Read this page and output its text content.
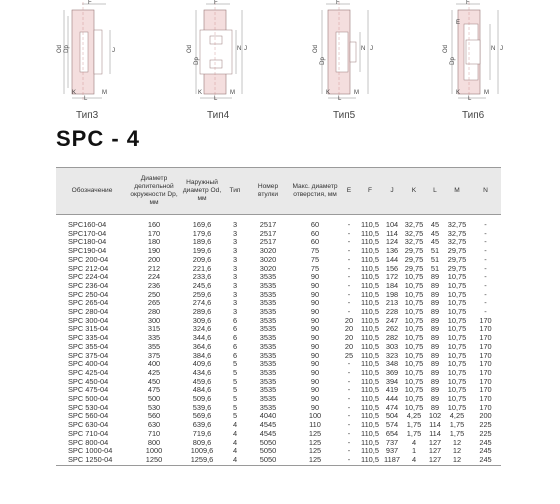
F
Od Dp	J
K
L
M
Тип3
F
Od
Dp
N J
K
L
M
Тип4
F
Od
Dp
N J
K
L
M
Тип5
F
E
Od
Dp
N J
K
L
M
Тип6
SPC - 4
Обозначение	Диаметр делительной окружности Dp, мм	Наружный диаметр Od, мм	Тип	Номер втулки	Макс. диаметр отверстия, мм	E	F	J	K	L	M	N

SPC160-04	160	169,6	3	2517	60	-	110,5	104	32,75	45	32,75	-
SPC170-04	170	179,6	3	2517	60	-	110,5	114	32,75	45	32,75	-
SPC180-04	180	189,6	3	2517	60	-	110,5	124	32,75	45	32,75	-
SPC190-04	190	199,6	3	3020	75	-	110,5	136	29,75	51	29,75	-
SPC 200-04	200	209,6	3	3020	75	-	110,5	144	29,75	51	29,75	-
SPC 212-04	212	221,6	3	3020	75	-	110,5	156	29,75	51	29,75	-
SPC 224-04	224	233,6	3	3535	90	-	110,5	172	10,75	89	10,75	-
SPC 236-04	236	245,6	3	3535	90	-	110,5	184	10,75	89	10,75	-
SPC 250-04	250	259,6	3	3535	90	-	110,5	198	10,75	89	10,75	-
SPC 265-04	265	274,6	3	3535	90	-	110,5	213	10,75	89	10,75	-
SPC 280-04	280	289,6	3	3535	90	-	110,5	228	10,75	89	10,75	-
SPC 300-04	300	309,6	6	3535	90	20	110,5	247	10,75	89	10,75	170
SPC 315-04	315	324,6	6	3535	90	20	110,5	262	10,75	89	10,75	170
SPC 335-04	335	344,6	6	3535	90	20	110,5	282	10,75	89	10,75	170
SPC 355-04	355	364,6	6	3535	90	20	110,5	303	10,75	89	10,75	170
SPC 375-04	375	384,6	6	3535	90	25	110,5	323	10,75	89	10,75	170
SPC 400-04	400	409,6	5	3535	90	-	110,5	348	10,75	89	10,75	170
SPC 425-04	425	434,6	5	3535	90	-	110,5	369	10,75	89	10,75	170
SPC 450-04	450	459,6	5	3535	90	-	110,5	394	10,75	89	10,75	170
SPC 475-04	475	484,6	5	3535	90	-	110,5	419	10,75	89	10,75	170
SPC 500-04	500	509,6	5	3535	90	-	110,5	444	10,75	89	10,75	170
SPC 530-04	530	539,6	5	3535	90	-	110,5	474	10,75	89	10,75	170
SPC 560-04	560	569,6	5	4040	100	-	110,5	504	4,25	102	4,25	200
SPC 630-04	630	639,6	4	4545	110	-	110,5	574	1,75	114	1,75	225
SPC 710-04	710	719,6	4	4545	125	-	110,5	654	1,75	114	1,75	225
SPC 800-04	800	809,6	4	5050	125	-	110,5	737	4	127	12	245
SPC 1000-04	1000	1009,6	4	5050	125	-	110,5	937	1	127	12	245
SPC 1250-04	1250	1259,6	4	5050	125	-	110,5	1187	4	127	12	245
